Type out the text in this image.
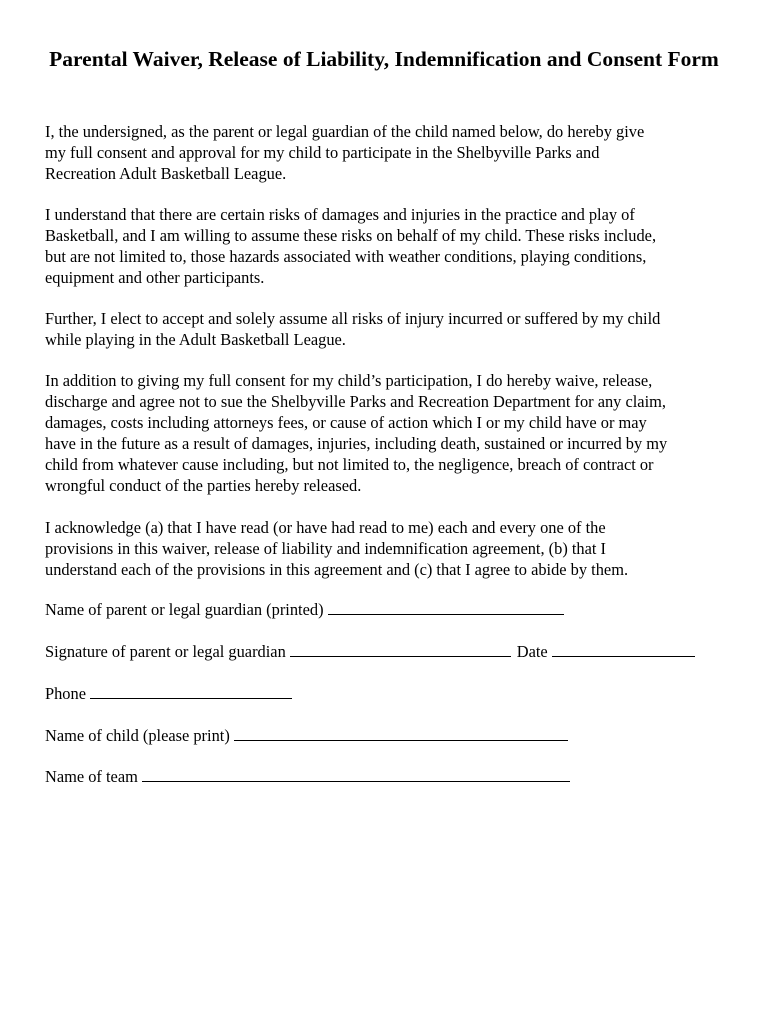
Parental Waiver, Release of Liability, Indemnification and Consent Form

I, the undersigned, as the parent or legal guardian of the child named below, do hereby give
my full consent and approval for my child to participate in the Shelbyville Parks and
Recreation Adult Basketball League.

I understand that there are certain risks of damages and injuries in the practice and play of
Basketball, and I am willing to assume these risks on behalf of my child. These risks include,
but are not limited to, those hazards associated with weather conditions, playing conditions,
equipment and other participants.

Further, I elect to accept and solely assume all risks of injury incurred or suffered by my child
while playing in the Adult Basketball League.

In addition to giving my full consent for my child’s participation, I do hereby waive, release,
discharge and agree not to sue the Shelbyville Parks and Recreation Department for any claim,
damages, costs including attorneys fees, or cause of action which I or my child have or may
have in the future as a result of damages, injuries, including death, sustained or incurred by my
child from whatever cause including, but not limited to, the negligence, breach of contract or
wrongful conduct of the parties hereby released.

I acknowledge (a) that I have read (or have had read to me) each and every one of the
provisions in this waiver, release of liability and indemnification agreement, (b) that I
understand each of the provisions in this agreement and (c) that I agree to abide by them.

Name of parent or legal guardian (printed)
Signature of parent or legal guardian	Date
Phone
Name of child (please print)
Name of team
